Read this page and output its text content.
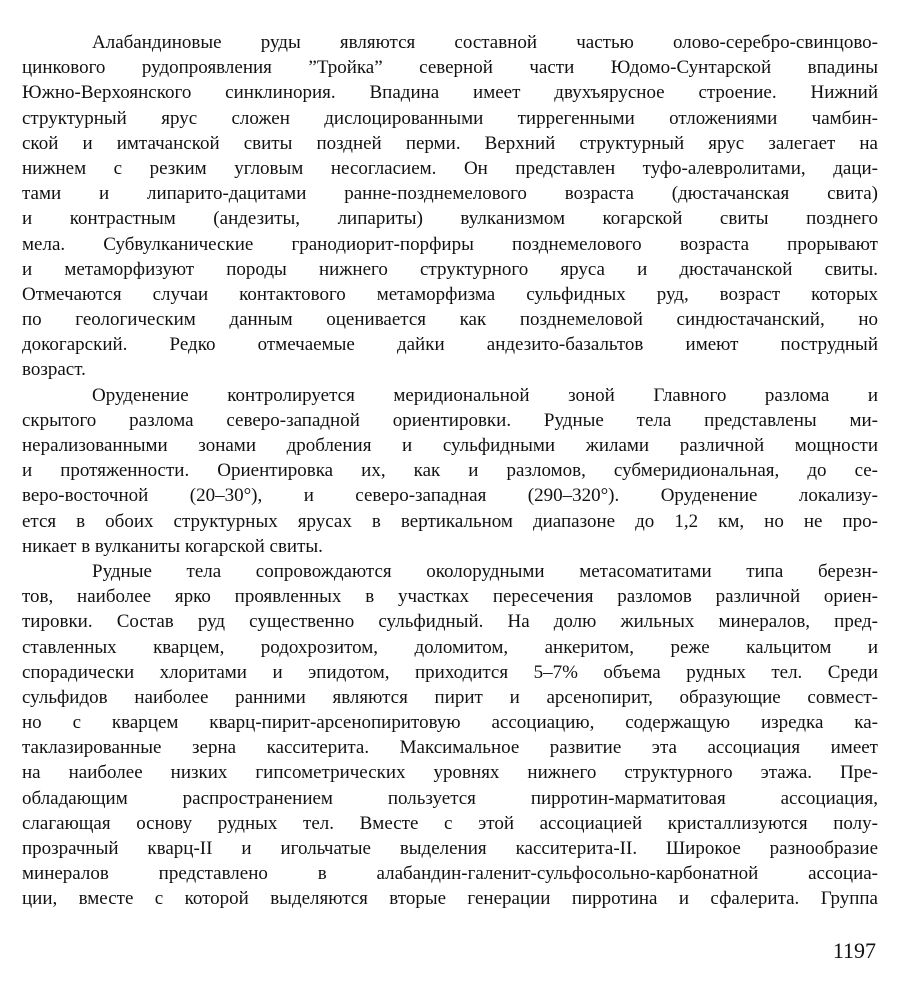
Алабандиновые руды являются составной частью олово-серебро-свинцово-
цинкового рудопроявления ”Тройка” северной части Юдомо-Сунтарской впадины
Южно-Верхоянского синклинория. Впадина имеет двухъярусное строение. Нижний
структурный ярус сложен дислоцированными тиррегенными отложениями чамбин-
ской и имтачанской свиты поздней перми. Верхний структурный ярус залегает на
нижнем с резким угловым несогласием. Он представлен туфо-алевролитами, даци-
тами и липарито-дацитами ранне-позднемелового возраста (дюстачанская свита)
и контрастным (андезиты, липариты) вулканизмом когарской свиты позднего
мела. Субвулканические гранодиорит-порфиры позднемелового возраста прорывают
и метаморфизуют породы нижнего структурного яруса и дюстачанской свиты.
Отмечаются случаи контактового метаморфизма сульфидных руд, возраст которых
по геологическим данным оценивается как позднемеловой синдюстачанский, но
докогарский. Редко отмечаемые дайки андезито-базальтов имеют пострудный
возраст.
Оруденение контролируется меридиональной зоной Главного разлома и
скрытого разлома северо-западной ориентировки. Рудные тела представлены ми-
нерализованными зонами дробления и сульфидными жилами различной мощности
и протяженности. Ориентировка их, как и разломов, субмеридиональная, до се-
веро-восточной (20–30°), и северо-западная (290–320°). Оруденение локализу-
ется в обоих структурных ярусах в вертикальном диапазоне до 1,2 км, но не про-
никает в вулканиты когарской свиты.
Рудные тела сопровождаются околорудными метасоматитами типа березн-
тов, наиболее ярко проявленных в участках пересечения разломов различной ориен-
тировки. Состав руд существенно сульфидный. На долю жильных минералов, пред-
ставленных кварцем, родохрозитом, доломитом, анкеритом, реже кальцитом и
спорадически хлоритами и эпидотом, приходится 5–7% объема рудных тел. Среди
сульфидов наиболее ранними являются пирит и арсенопирит, образующие совмест-
но с кварцем кварц-пирит-арсенопиритовую ассоциацию, содержащую изредка ка-
таклазированные зерна касситерита. Максимальное развитие эта ассоциация имеет
на наиболее низких гипсометрических уровнях нижнего структурного этажа. Пре-
обладающим распространением пользуется пирротин-марматитовая ассоциация,
слагающая основу рудных тел. Вместе с этой ассоциацией кристаллизуются полу-
прозрачный кварц-II и игольчатые выделения касситерита-II. Широкое разнообразие
минералов представлено в алабандин-галенит-сульфосольно-карбонатной ассоциа-
ции, вместе с которой выделяются вторые генерации пирротина и сфалерита. Группа
1197
